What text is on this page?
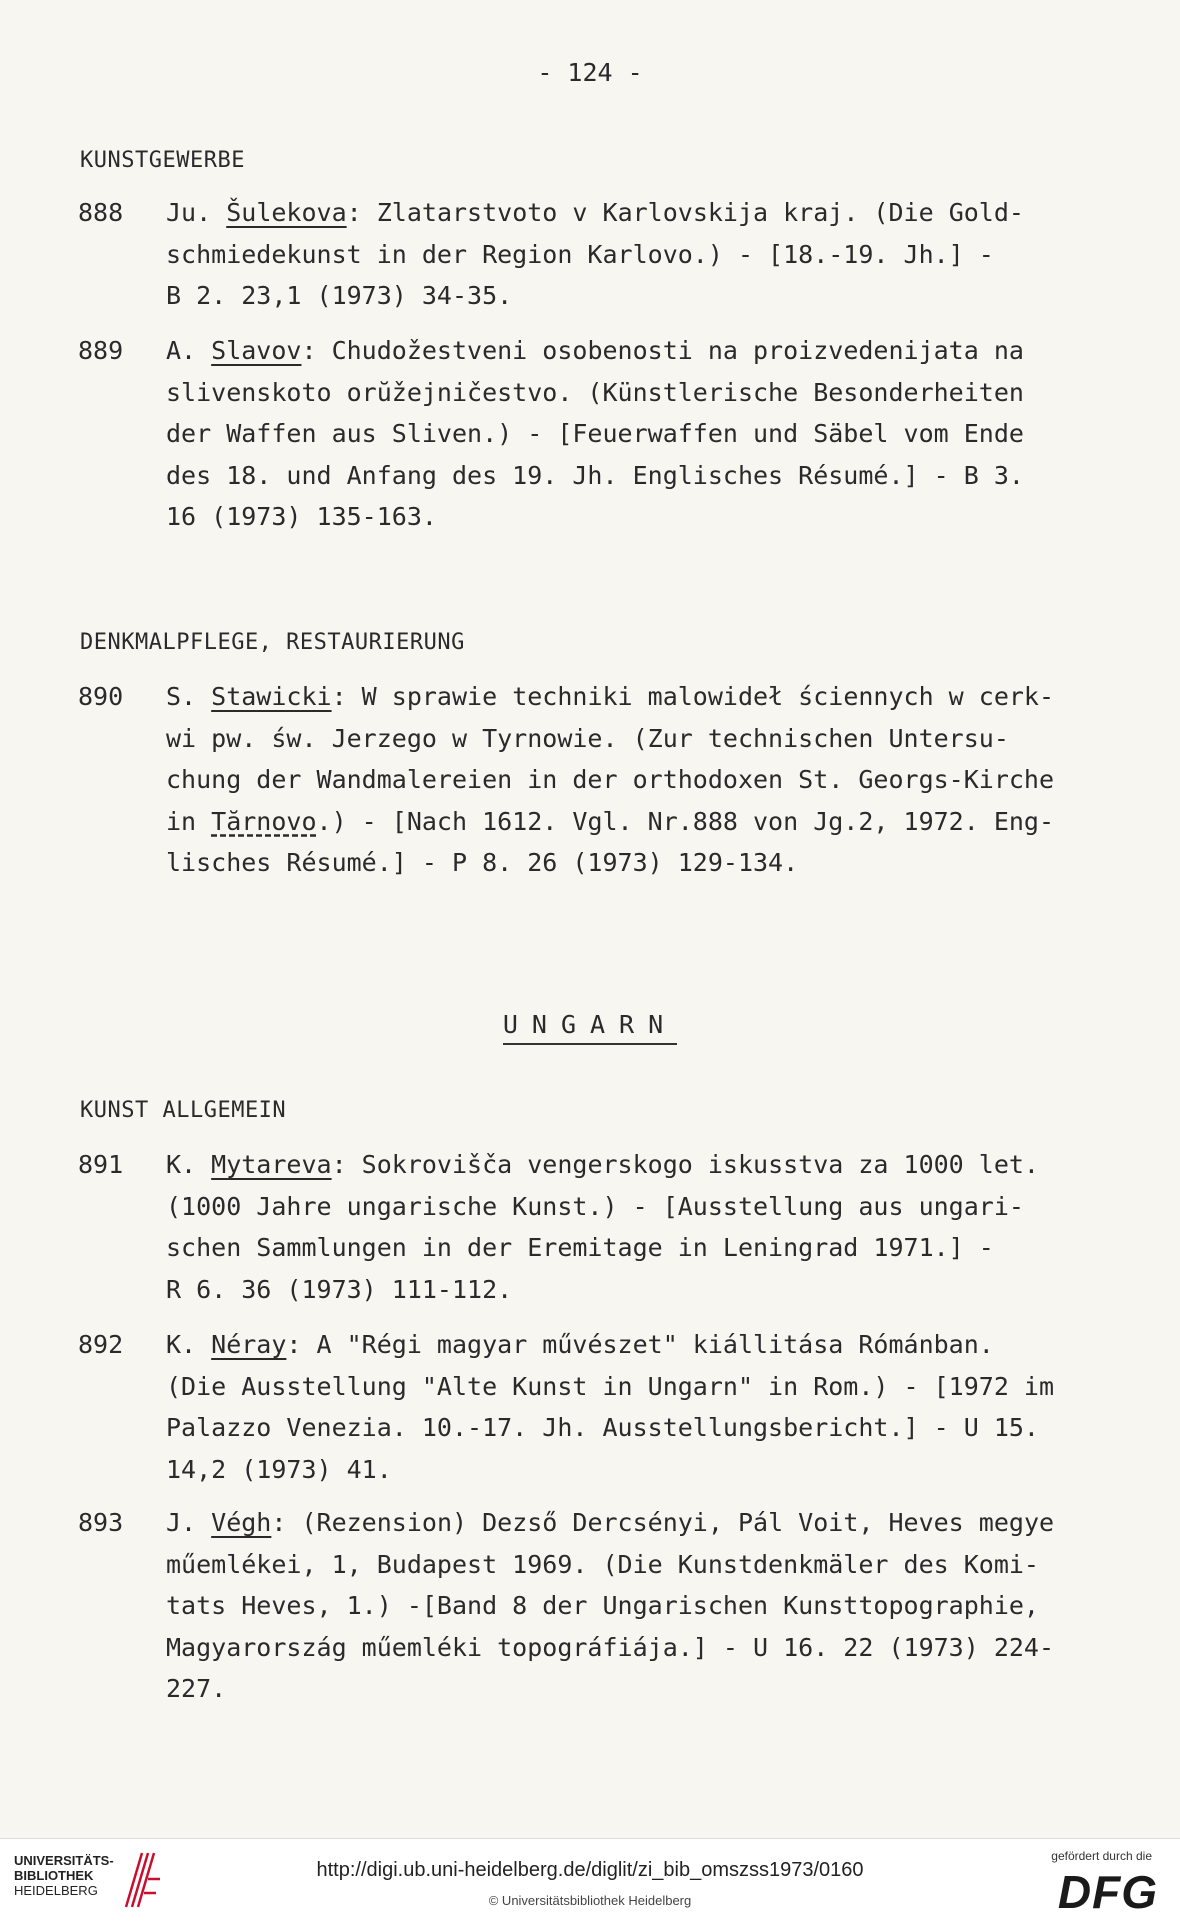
- 124 -
KUNSTGEWERBE
888 Ju. Šulekova: Zlatarstvoto v Karlovskija kraj. (Die Gold-
schmiedekunst in der Region Karlovo.) - [18.-19. Jh.] -
B 2. 23,1 (1973) 34-35.
889 A. Slavov: Chudožestveni osobenosti na proizvedenijata na
slivenskoto orŭžejničestvo. (Künstlerische Besonderheiten
der Waffen aus Sliven.) - [Feuerwaffen und Säbel vom Ende
des 18. und Anfang des 19. Jh. Englisches Résumé.] - B 3.
16 (1973) 135-163.
DENKMALPFLEGE, RESTAURIERUNG
890 S. Stawicki: W sprawie techniki malowideł ściennych w cerk-
wi pw. św. Jerzego w Tyrnowie. (Zur technischen Untersu-
chung der Wandmalereien in der orthodoxen St. Georgs-Kirche
in Tărnovo.) - [Nach 1612. Vgl. Nr.888 von Jg.2, 1972. Eng-
lisches Résumé.] - P 8. 26 (1973) 129-134.
UNGARN
KUNST ALLGEMEIN
891 K. Mytareva: Sokrovišča vengerskogo iskusstva za 1000 let.
(1000 Jahre ungarische Kunst.) - [Ausstellung aus ungari-
schen Sammlungen in der Eremitage in Leningrad 1971.] -
R 6. 36 (1973) 111-112.
892 K. Néray: A "Régi magyar művészet" kiállitása Rómánban.
(Die Ausstellung "Alte Kunst in Ungarn" in Rom.) - [1972 im
Palazzo Venezia. 10.-17. Jh. Ausstellungsbericht.] - U 15.
14,2 (1973) 41.
893 J. Végh: (Rezension) Dezső Dercsényi, Pál Voit, Heves megye
műemlékei, 1, Budapest 1969. (Die Kunstdenkmäler des Komi-
tats Heves, 1.) -[Band 8 der Ungarischen Kunsttopographie,
Magyarország műemléki topográfiája.] - U 16. 22 (1973) 224-
227.
UNIVERSITÄTS-
BIBLIOTHEK
HEIDELBERG
http://digi.ub.uni-heidelberg.de/diglit/zi_bib_omszss1973/0160
© Universitätsbibliothek Heidelberg
gefördert durch die
DFG
